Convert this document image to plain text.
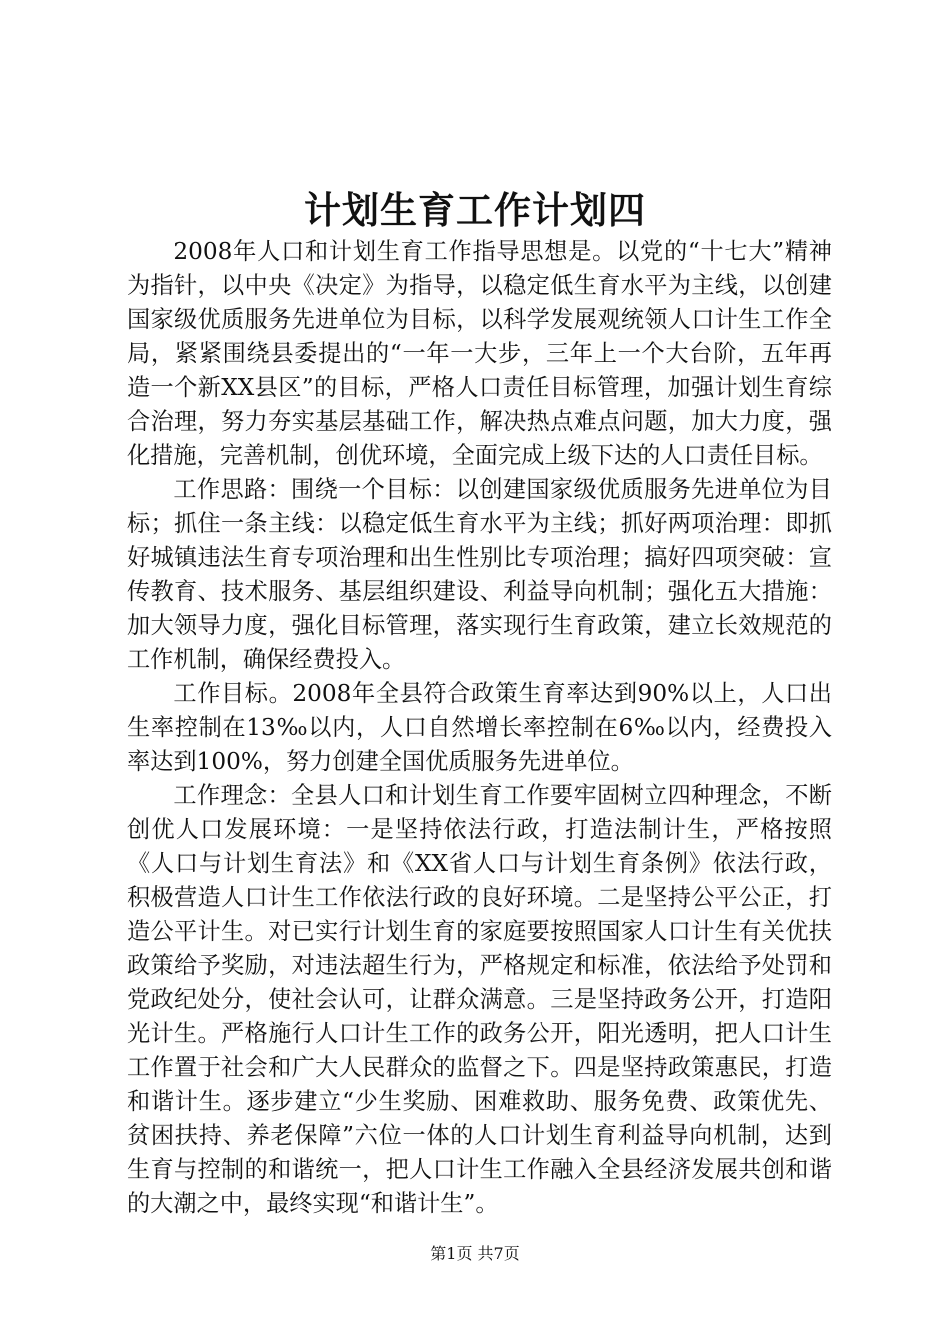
计划生育工作计划四

2008年人口和计划生育工作指导思想是。以党的“十七大”精神为指针，以中央《决定》为指导，以稳定低生育水平为主线，以创建国家级优质服务先进单位为目标，以科学发展观统领人口计生工作全局，紧紧围绕县委提出的“一年一大步，三年上一个大台阶，五年再造一个新XX县区”的目标，严格人口责任目标管理，加强计划生育综合治理，努力夯实基层基础工作，解决热点难点问题，加大力度，强化措施，完善机制，创优环境，全面完成上级下达的人口责任目标。

工作思路：围绕一个目标：以创建国家级优质服务先进单位为目标；抓住一条主线：以稳定低生育水平为主线；抓好两项治理：即抓好城镇违法生育专项治理和出生性别比专项治理；搞好四项突破：宣传教育、技术服务、基层组织建设、利益导向机制；强化五大措施：加大领导力度，强化目标管理，落实现行生育政策，建立长效规范的工作机制，确保经费投入。

工作目标。2008年全县符合政策生育率达到90%以上，人口出生率控制在13‰以内，人口自然增长率控制在6‰以内，经费投入率达到100%，努力创建全国优质服务先进单位。

工作理念：全县人口和计划生育工作要牢固树立四种理念，不断创优人口发展环境：一是坚持依法行政，打造法制计生，严格按照《人口与计划生育法》和《XX省人口与计划生育条例》依法行政，积极营造人口计生工作依法行政的良好环境。二是坚持公平公正，打造公平计生。对已实行计划生育的家庭要按照国家人口计生有关优扶政策给予奖励，对违法超生行为，严格规定和标准，依法给予处罚和党政纪处分，使社会认可，让群众满意。三是坚持政务公开，打造阳光计生。严格施行人口计生工作的政务公开，阳光透明，把人口计生工作置于社会和广大人民群众的监督之下。四是坚持政策惠民，打造和谐计生。逐步建立“少生奖励、困难救助、服务免费、政策优先、贫困扶持、养老保障”六位一体的人口计划生育利益导向机制，达到生育与控制的和谐统一，把人口计生工作融入全县经济发展共创和谐的大潮之中，最终实现“和谐计生”。

第1页 共7页
